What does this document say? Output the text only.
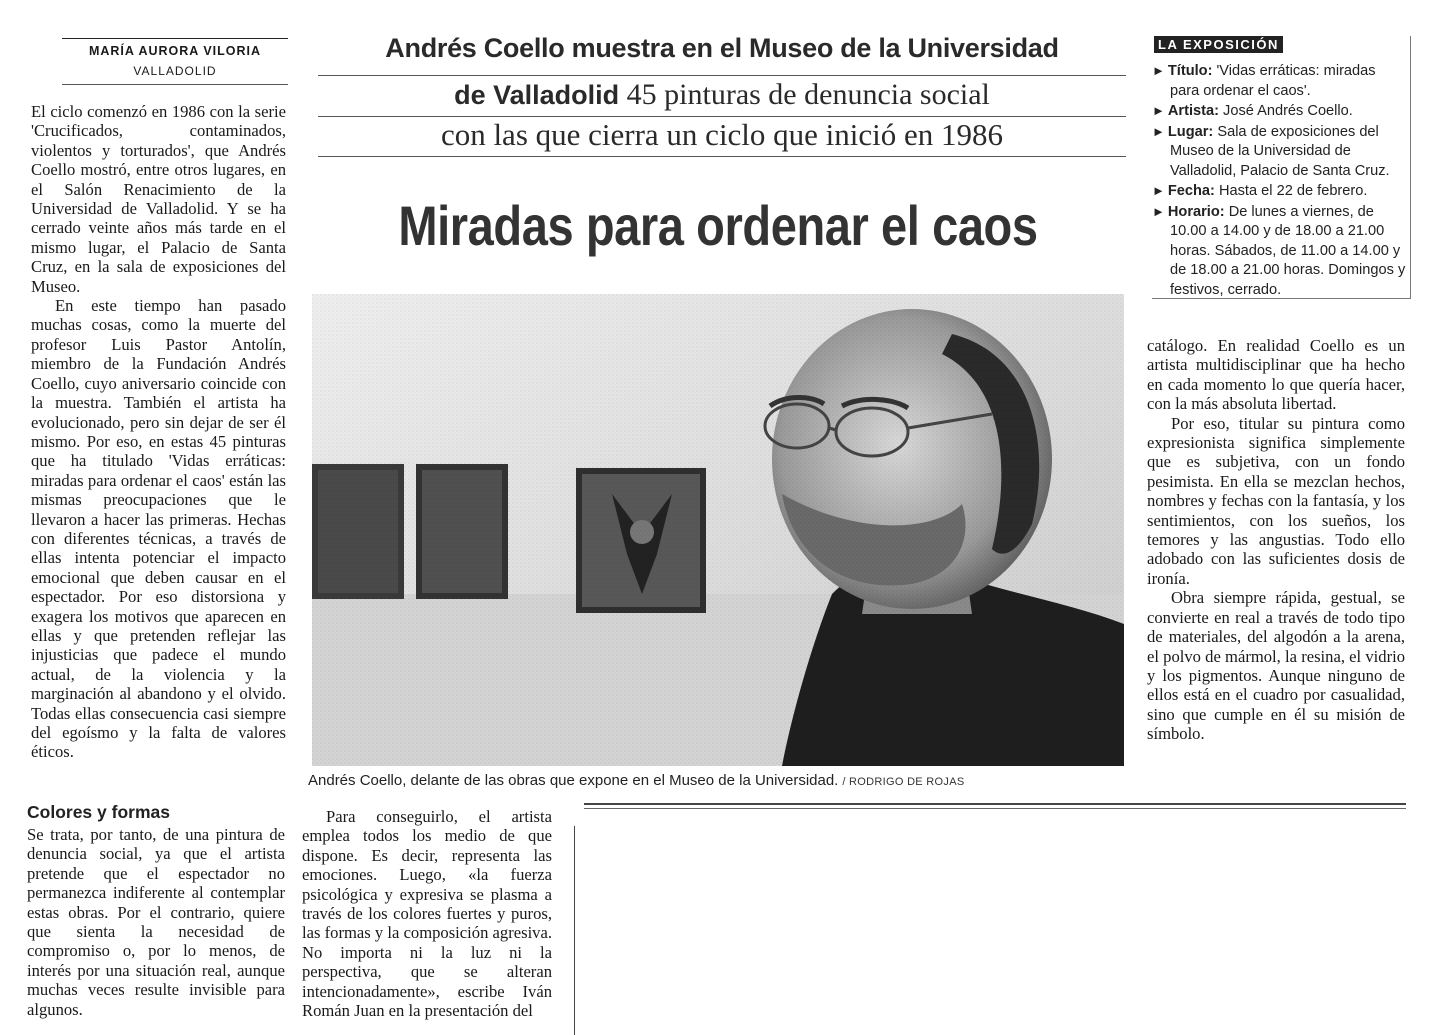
MARÍA AURORA VILORIA
VALLADOLID
Andrés Coello muestra en el Museo de la Universidad
de Valladolid 45 pinturas de denuncia social
con las que cierra un ciclo que inició en 1986
Miradas para ordenar el caos
LA EXPOSICIÓN
► Título: 'Vidas erráticas: miradas para ordenar el caos'.
► Artista: José Andrés Coello.
► Lugar: Sala de exposiciones del Museo de la Universidad de Valladolid, Palacio de Santa Cruz.
► Fecha: Hasta el 22 de febrero.
► Horario: De lunes a viernes, de 10.00 a 14.00 y de 18.00 a 21.00 horas. Sábados, de 11.00 a 14.00 y de 18.00 a 21.00 horas. Domingos y festivos, cerrado.
Andrés Coello, delante de las obras que expone en el Museo de la Universidad. / RODRIGO DE ROJAS

El ciclo comenzó en 1986 con la serie 'Crucificados, contaminados, violentos y torturados', que Andrés Coello mostró, entre otros lugares, en el Salón Renacimiento de la Universidad de Valladolid. Y se ha cerrado veinte años más tarde en el mismo lugar, el Palacio de Santa Cruz, en la sala de exposiciones del Museo.

En este tiempo han pasado muchas cosas, como la muerte del profesor Luis Pastor Antolín, miembro de la Fundación Andrés Coello, cuyo aniversario coincide con la muestra. También el artista ha evolucionado, pero sin dejar de ser él mismo. Por eso, en estas 45 pinturas que ha titulado 'Vidas erráticas: miradas para ordenar el caos' están las mismas preocupaciones que le llevaron a hacer las primeras. Hechas con diferentes técnicas, a través de ellas intenta potenciar el impacto emocional que deben causar en el espectador. Por eso distorsiona y exagera los motivos que aparecen en ellas y que pretenden reflejar las injusticias que padece el mundo actual, de la violencia y la marginación al abandono y el olvido. Todas ellas consecuencia casi siempre del egoísmo y la falta de valores éticos.

Colores y formas

Se trata, por tanto, de una pintura de denuncia social, ya que el artista pretende que el espectador no permanezca indiferente al contemplar estas obras. Por el contrario, quiere que sienta la necesidad de compromiso o, por lo menos, de interés por una situación real, aunque muchas veces resulte invisible para algunos.

Para conseguirlo, el artista emplea todos los medio de que dispone. Es decir, representa las emociones. Luego, «la fuerza psicológica y expresiva se plasma a través de los colores fuertes y puros, las formas y la composición agresiva. No importa ni la luz ni la perspectiva, que se alteran intencionadamente», escribe Iván Román Juan en la presentación del

catálogo. En realidad Coello es un artista multidisciplinar que ha hecho en cada momento lo que quería hacer, con la más absoluta libertad.

Por eso, titular su pintura como expresionista significa simplemente que es subjetiva, con un fondo pesimista. En ella se mezclan hechos, nombres y fechas con la fantasía, y los sentimientos, con los sueños, los temores y las angustias. Todo ello adobado con las suficientes dosis de ironía.

Obra siempre rápida, gestual, se convierte en real a través de todo tipo de materiales, del algodón a la arena, el polvo de mármol, la resina, el vidrio y los pigmentos. Aunque ninguno de ellos está en el cuadro por casualidad, sino que cumple en él su misión de símbolo.
